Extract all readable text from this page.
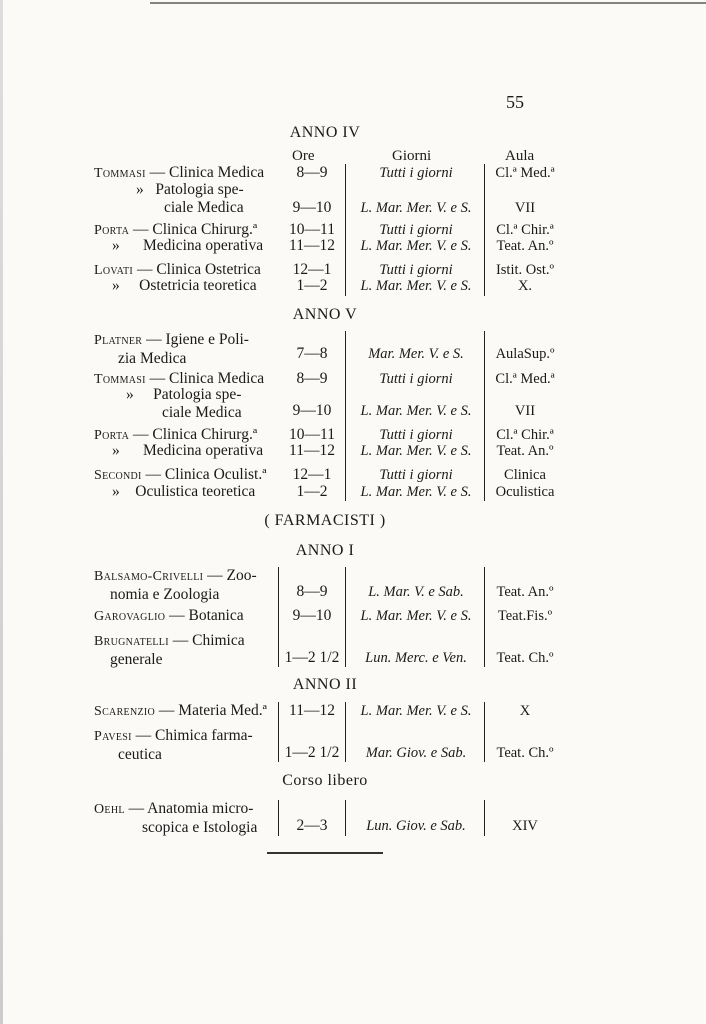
55
ANNO IV
Ore	Giorni	Aula
Tommasi — Clinica Medica	8—9	Tutti i giorni	Cl.ª Med.ª
» Patologia spe-
ciale Medica	9—10	L. Mar. Mer. V. e S.	VII
Porta — Clinica Chirurg.ª	10—11	Tutti i giorni	Cl.ª Chir.ª
» Medicina operativa	11—12	L. Mar. Mer. V. e S.	Teat. An.º
Lovati — Clinica Ostetrica	12—1	Tutti i giorni	Istit. Ost.º
» Ostetricia teoretica	1—2	L. Mar. Mer. V. e S.	X.
ANNO V
Platner — Igiene e Poli-
zia Medica	7—8	Mar. Mer. V. e S.	AulaSup.º
Tommasi — Clinica Medica	8—9	Tutti i giorni	Cl.ª Med.ª
» Patologia spe-
ciale Medica	9—10	L. Mar. Mer. V. e S.	VII
Porta — Clinica Chirurg.ª	10—11	Tutti i giorni	Cl.ª Chir.ª
» Medicina operativa	11—12	L. Mar. Mer. V. e S.	Teat. An.º
Secondi — Clinica Oculist.ª	12—1	Tutti i giorni	Clinica
» Oculistica teoretica	1—2	L. Mar. Mer. V. e S.	Oculistica
( FARMACISTI )
ANNO I
Balsamo-Crivelli — Zoo-
nomia e Zoologia	8—9	L. Mar. V. e Sab.	Teat. An.º
Garovaglio — Botanica	9—10	L. Mar. Mer. V. e S.	Teat.Fis.º
Brugnatelli — Chimica
generale	1—2 1/2	Lun. Merc. e Ven.	Teat. Ch.º
ANNO II
Scarenzio — Materia Med.ª	11—12	L. Mar. Mer. V. e S.	X
Pavesi — Chimica farma-
ceutica	1—2 1/2	Mar. Giov. e Sab.	Teat. Ch.º
Corso libero
Oehl — Anatomia micro-
scopica e Istologia	2—3	Lun. Giov. e Sab.	XIV
